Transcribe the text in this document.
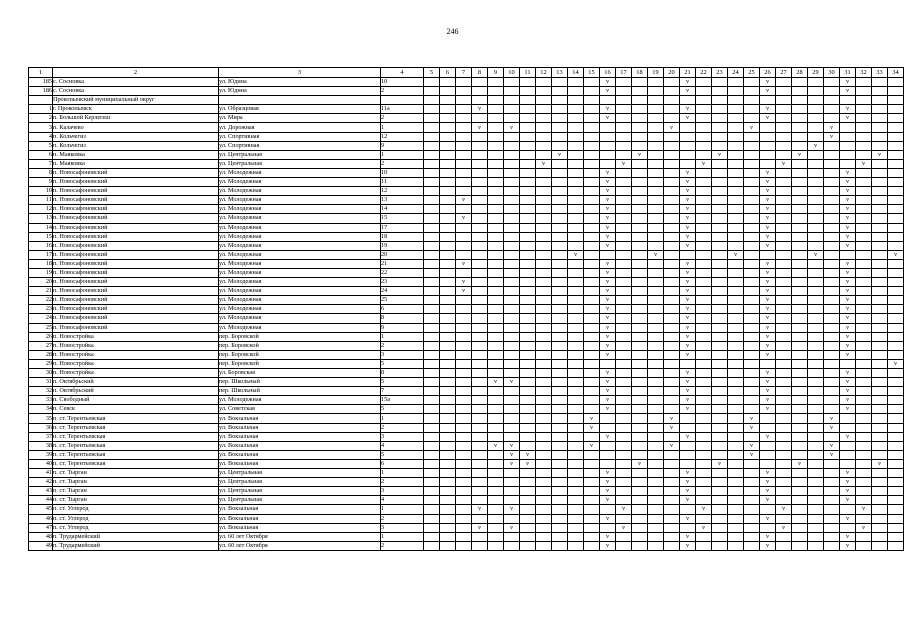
246
1	2	3	4	5	6	7	8	9	10	11	12	13	14	15	16	17	18	19	20	21	22	23	24	25	26	27	28	29	30	31	32	33	34
185	с. Сосновка	ул. Юдина	10												v					v					v					v			
186	с. Сосновка	ул. Юдина	2												v					v					v					v			
	Прокопьевский муниципальный округ																																
1	г. Прокопьевск	ул. Образцовая	11а				v								v					v					v					v			
2	п. Большой Керлегеш	ул. Мира	2												v					v					v					v			
3	п. Калачево	ул. Дорожная	1				v		v										v					v					v				
4	п. Кольчегиз	ул. Спортивная	12																										v				
5	п. Кольчегиз	ул. Спортивная	9																									v					
6	п. Маяковка	ул. Центральная	1									v					v					v					v					v	
7	п. Маяковка	ул. Центральная	2								v					v					v					v					v		
8	п. Новосафоновский	ул. Молодежная	10												v					v					v					v			
9	п. Новосафоновский	ул. Молодежная	11												v					v					v					v			
10	п. Новосафоновский	ул. Молодежная	12												v					v					v					v			
11	п. Новосафоновский	ул. Молодежная	13			v									v					v					v					v			
12	п. Новосафоновский	ул. Молодежная	14												v					v					v					v			
13	п. Новосафоновский	ул. Молодежная	15			v									v					v					v					v			
14	п. Новосафоновский	ул. Молодежная	17												v					v					v					v			
15	п. Новосафоновский	ул. Молодежная	18												v					v					v					v			
16	п. Новосафоновский	ул. Молодежная	19												v					v					v					v			
17	п. Новосафоновский	ул. Молодежная	20										v					v					v					v					v
18	п. Новосафоновский	ул. Молодежная	21			v									v					v					v					v			
19	п. Новосафоновский	ул. Молодежная	22												v					v					v					v			
20	п. Новосафоновский	ул. Молодежная	23			v									v					v					v					v			
21	п. Новосафоновский	ул. Молодежная	24			v									v					v					v					v			
22	п. Новосафоновский	ул. Молодежная	25												v					v					v					v			
23	п. Новосафоновский	ул. Молодежная	6												v					v					v					v			
24	п. Новосафоновский	ул. Молодежная	8												v					v					v					v			
25	п. Новосафоновский	ул. Молодежная	9												v					v					v					v			
26	п. Новостройка	пер. Боровской	1												v					v					v					v			
27	п. Новостройка	пер. Боровской	2												v					v					v					v			
28	п. Новостройка	пер. Боровской	3												v					v					v					v			
29	п. Новостройка	пер. Боровской	5																														v
30	п. Новостройка	ул. Боровская	8												v					v					v					v			
31	п. Октябрьский	пер. Школьный	5					v	v						v					v					v					v			
32	п. Октябрьский	пер. Школьный	7												v					v					v					v			
33	п. Свободный	ул. Молодежная	15а												v					v					v					v			
34	п. Севск	ул. Советская	5												v					v					v					v			
35	п. ст. Терентьевская	ул. Вокзальная	1											v					v					v					v				
36	п. ст. Терентьевская	ул. Вокзальная	2											v					v					v					v				
37	п. ст. Терентьевская	ул. Вокзальная	3												v					v					v					v			
38	п. ст. Терентьевская	ул. Вокзальная	4					v	v					v					v					v					v				
39	п. ст. Терентьевская	ул. Вокзальная	5						v	v														v					v				
40	п. ст. Терентьевская	ул. Вокзальная	6						v	v							v					v					v					v	
41	п. ст. Тырган	ул. Центральная	1												v					v					v					v			
42	п. ст. Тырган	ул. Центральная	2												v					v					v					v			
43	п. ст. Тырган	ул. Центральная	3												v					v					v					v			
44	п. ст. Тырган	ул. Центральная	4												v					v					v					v			
45	п. ст. Углерод	ул. Вокзальная	1				v		v							v					v					v					v		
46	п. ст. Углерод	ул. Вокзальная	2												v					v					v					v			
47	п. ст. Углерод	ул. Вокзальная	3				v		v							v					v					v					v		
48	п. Трудармейский	ул. 60 лет Октября	1												v					v					v					v			
49	п. Трудармейский	ул. 60 лет Октября	2												v					v					v					v			
